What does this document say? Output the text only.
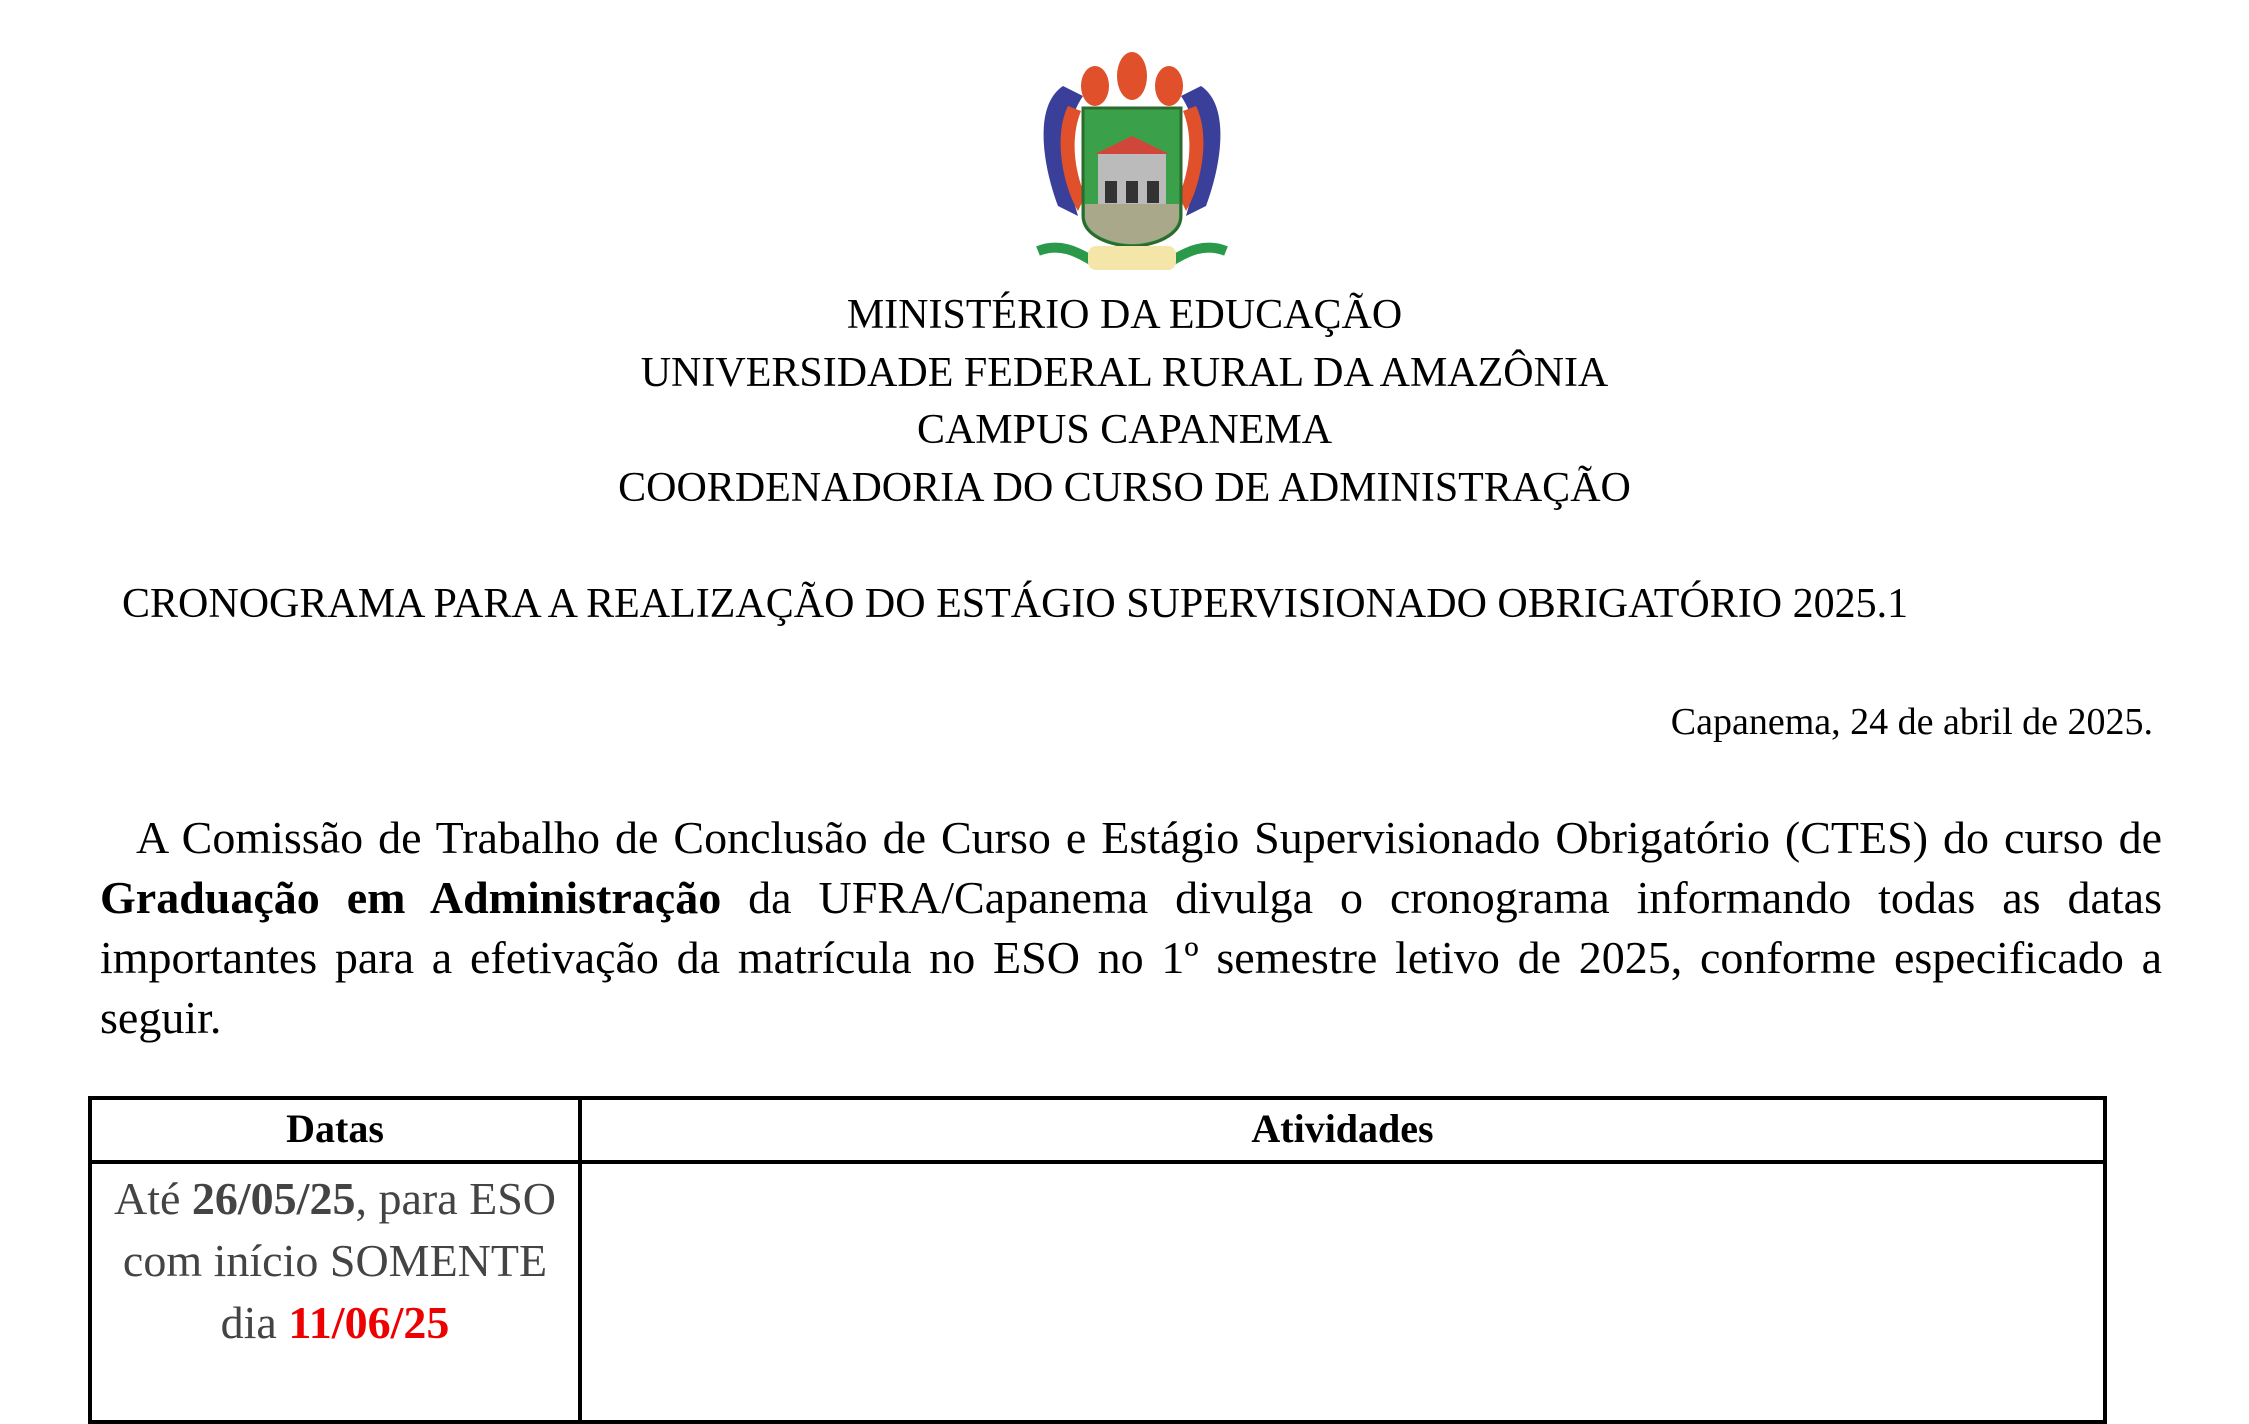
MINISTÉRIO DA EDUCAÇÃO
UNIVERSIDADE FEDERAL RURAL DA AMAZÔNIA
CAMPUS CAPANEMA
COORDENADORIA DO CURSO DE ADMINISTRAÇÃO
CRONOGRAMA PARA A REALIZAÇÃO DO ESTÁGIO SUPERVISIONADO OBRIGATÓRIO 2025.1
Capanema, 24 de abril de 2025.
A Comissão de Trabalho de Conclusão de Curso e Estágio Supervisionado Obrigatório (CTES) do curso de Graduação em Administração da UFRA/Capanema divulga o cronograma informando todas as datas importantes para a efetivação da matrícula no ESO no 1º semestre letivo de 2025, conforme especificado a seguir.
Datas	Atividades
Até 26/05/25, para ESO com início SOMENTE dia 11/06/25	
